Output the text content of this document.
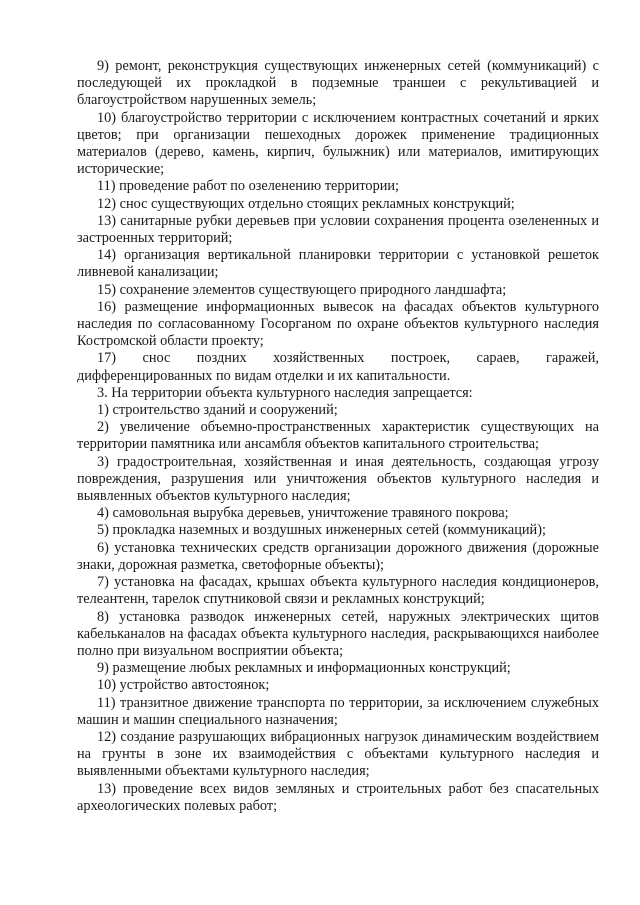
9) ремонт, реконструкция существующих инженерных сетей (коммуникаций) с последующей их прокладкой в подземные траншеи с рекультивацией и благоустройством нарушенных земель;

10) благоустройство территории с исключением контрастных сочетаний и ярких цветов; при организации пешеходных дорожек применение традиционных материалов (дерево, камень, кирпич, булыжник) или материалов, имитирующих исторические;

11) проведение работ по озеленению территории;

12) снос существующих отдельно стоящих рекламных конструкций;

13) санитарные рубки деревьев при условии сохранения процента озелененных и застроенных территорий;

14) организация вертикальной планировки территории с установкой решеток ливневой канализации;

15) сохранение элементов существующего природного ландшафта;

16) размещение информационных вывесок на фасадах объектов культурного наследия по согласованному Госорганом по охране объектов культурного наследия Костромской области проекту;

17) снос поздних хозяйственных построек, сараев, гаражей, дифференцированных по видам отделки и их капитальности.

3. На территории объекта культурного наследия запрещается:

1) строительство зданий и сооружений;

2) увеличение объемно-пространственных характеристик существующих на территории памятника или ансамбля объектов капитального строительства;

3) градостроительная, хозяйственная и иная деятельность, создающая угрозу повреждения, разрушения или уничтожения объектов культурного наследия и выявленных объектов культурного наследия;

4) самовольная вырубка деревьев, уничтожение травяного покрова;

5) прокладка наземных и воздушных инженерных сетей (коммуникаций);

6) установка технических средств организации дорожного движения (дорожные знаки, дорожная разметка, светофорные объекты);

7) установка на фасадах, крышах объекта культурного наследия кондиционеров, телеантенн, тарелок спутниковой связи и рекламных конструкций;

8) установка разводок инженерных сетей, наружных электрических щитов кабельканалов на фасадах объекта культурного наследия, раскрывающихся наиболее полно при визуальном восприятии объекта;

9) размещение любых рекламных и информационных конструкций;

10) устройство автостоянок;

11) транзитное движение транспорта по территории, за исключением служебных машин и машин специального назначения;

12) создание разрушающих вибрационных нагрузок динамическим воздействием на грунты в зоне их взаимодействия с объектами культурного наследия и выявленными объектами культурного наследия;

13) проведение всех видов земляных и строительных работ без спасательных археологических полевых работ;
